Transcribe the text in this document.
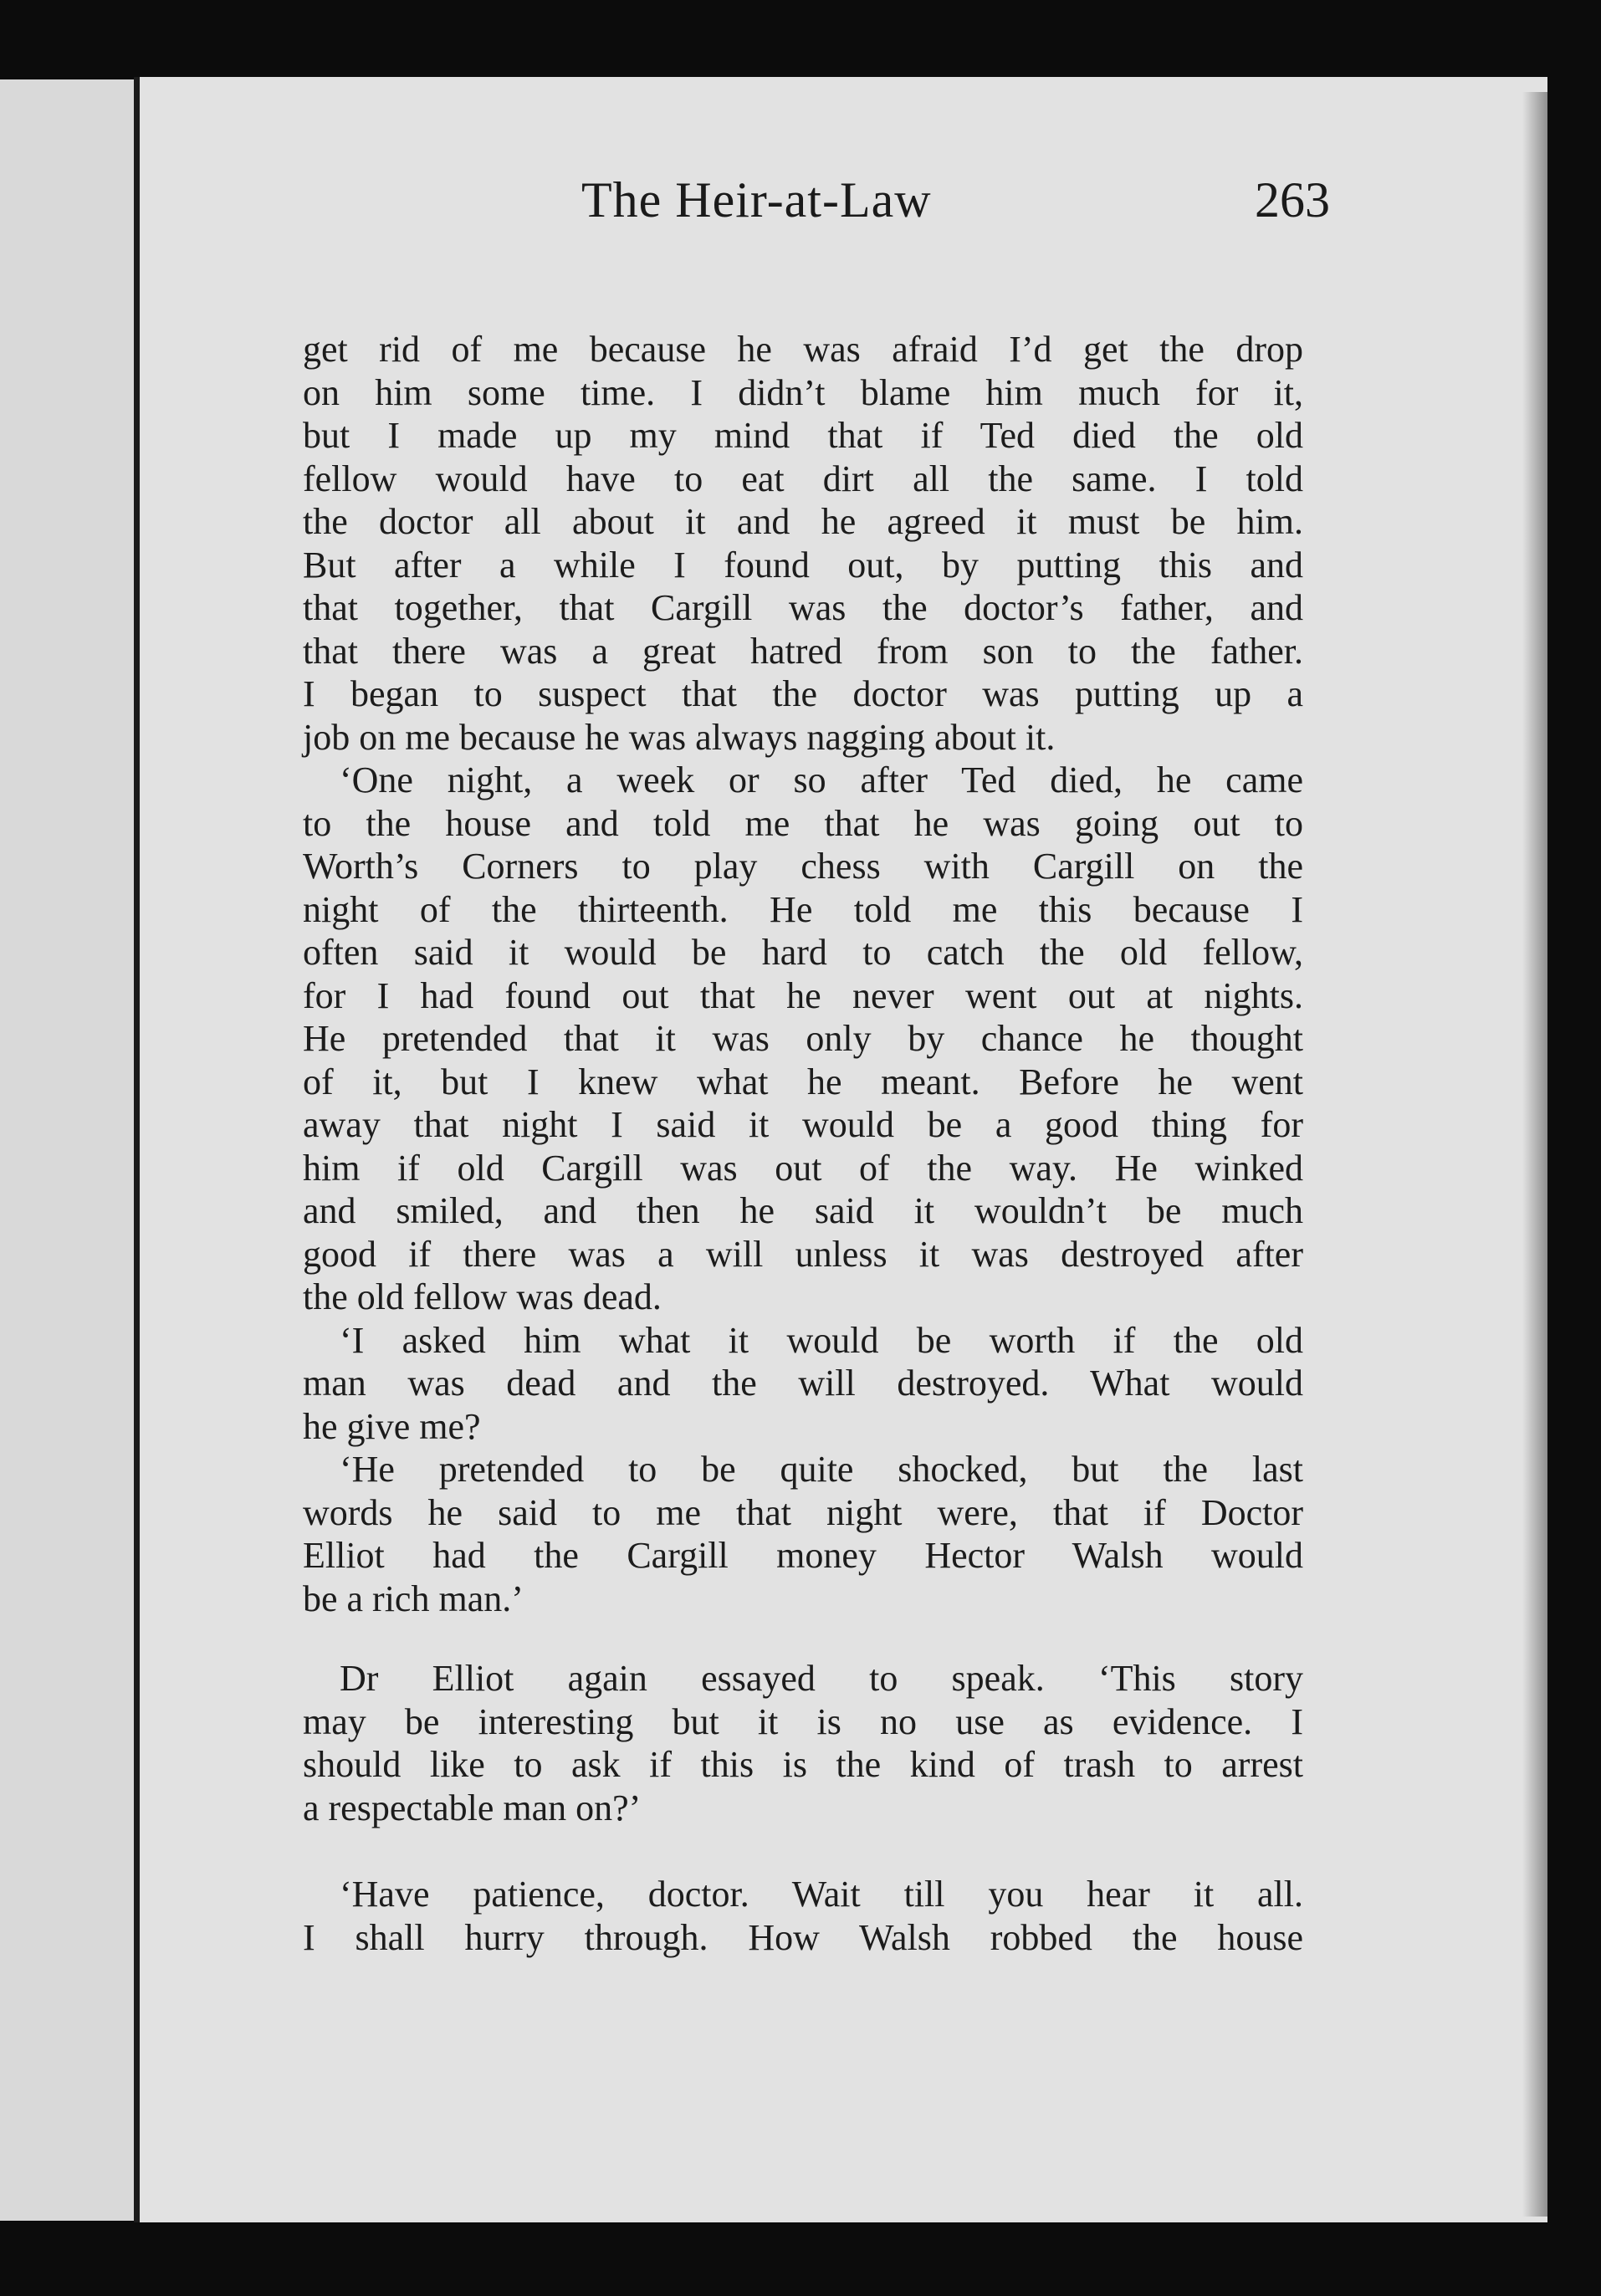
The Heir-at-Law	263
get rid of me because he was afraid I’d get the drop
on him some time. I didn’t blame him much for it,
but I made up my mind that if Ted died the old
fellow would have to eat dirt all the same. I told
the doctor all about it and he agreed it must be him.
But after a while I found out, by putting this and
that together, that Cargill was the doctor’s father, and
that there was a great hatred from son to the father.
I began to suspect that the doctor was putting up a
job on me because he was always nagging about it.
‘One night, a week or so after Ted died, he came
to the house and told me that he was going out to
Worth’s Corners to play chess with Cargill on the
night of the thirteenth. He told me this because I
often said it would be hard to catch the old fellow,
for I had found out that he never went out at nights.
He pretended that it was only by chance he thought
of it, but I knew what he meant. Before he went
away that night I said it would be a good thing for
him if old Cargill was out of the way. He winked
and smiled, and then he said it wouldn’t be much
good if there was a will unless it was destroyed after
the old fellow was dead.
‘I asked him what it would be worth if the old
man was dead and the will destroyed. What would
he give me?
‘He pretended to be quite shocked, but the last
words he said to me that night were, that if Doctor
Elliot had the Cargill money Hector Walsh would
be a rich man.’
Dr Elliot again essayed to speak. ‘This story
may be interesting but it is no use as evidence. I
should like to ask if this is the kind of trash to arrest
a respectable man on?’
‘Have patience, doctor. Wait till you hear it all.
I shall hurry through. How Walsh robbed the house
